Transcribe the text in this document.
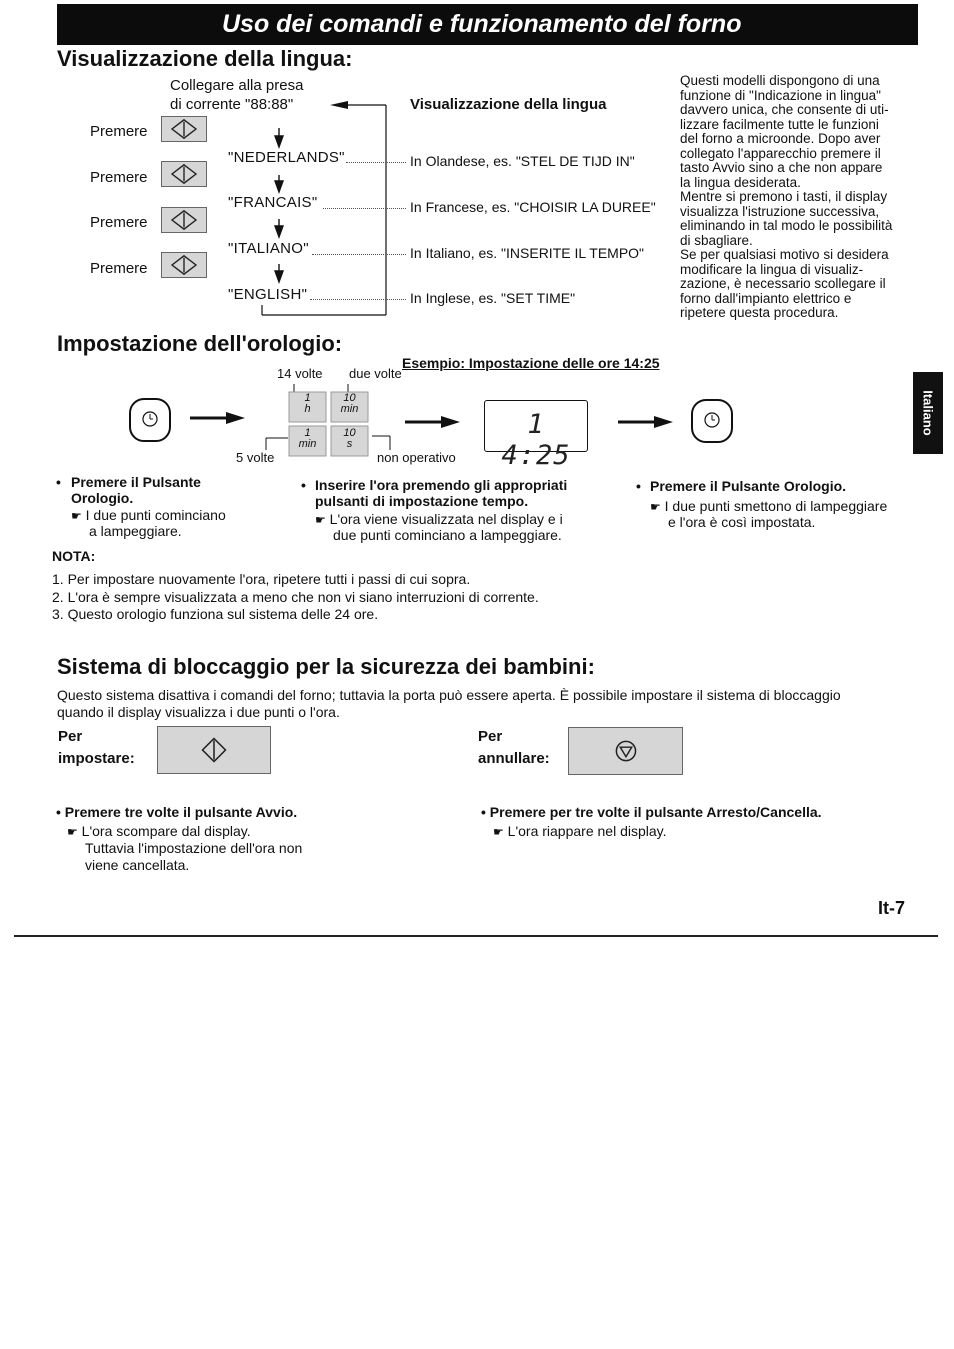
Uso dei comandi e funzionamento del forno
Italiano
Visualizzazione della lingua:
Collegare alla presa
di corrente "88:88"	Visualizzazione della lingua
Premere
Premere
Premere
Premere
"NEDERLANDS"	In Olandese, es. "STEL DE TIJD IN"
"FRANCAIS"	In Francese, es. "CHOISIR LA DUREE"
"ITALIANO"	In Italiano, es. "INSERITE IL TEMPO"
"ENGLISH"	In Inglese, es. "SET TIME"
Questi modelli dispongono di una
funzione di "Indicazione in lingua"
davvero unica, che consente di uti-
lizzare facilmente tutte le funzioni
del forno a microonde. Dopo aver
collegato l'apparecchio premere il
tasto Avvio sino a che non appare
la lingua desiderata.
Mentre si premono i tasti, il display
visualizza l'istruzione successiva,
eliminando in tal modo le possibilità
di sbagliare.
Se per qualsiasi motivo si desidera
modificare la lingua di visualiz-
zazione, è necessario scollegare il
forno dall'impianto elettrico e
ripetere questa procedura.
Impostazione dell'orologio:
Esempio: Impostazione delle ore 14:25
14 volte due volte
5 volte	non operativo
1
h
10
min
1
min
10
s
1 4:25
• Premere il Pulsante
Orologio.
☛ I due punti cominciano
a lampeggiare.
• Inserire l'ora premendo gli appropriati
pulsanti di impostazione tempo.
☛ L'ora viene visualizzata nel display e i
due punti cominciano a lampeggiare.
• Premere il Pulsante Orologio.
☛ I due punti smettono di lampeggiare
e l'ora è così impostata.
NOTA:
1. Per impostare nuovamente l'ora, ripetere tutti i passi di cui sopra.
2. L'ora è sempre visualizzata a meno che non vi siano interruzioni di corrente.
3. Questo orologio funziona sul sistema delle 24 ore.
Sistema di bloccaggio per la sicurezza dei bambini:
Questo sistema disattiva i comandi del forno; tuttavia la porta può essere aperta. È possibile impostare il sistema di bloccaggio
quando il display visualizza i due punti o l'ora.
Per
impostare:
Per
annullare:
• Premere tre volte il pulsante Avvio.
☛ L'ora scompare dal display.
Tuttavia l'impostazione dell'ora non
viene cancellata.
• Premere per tre volte il pulsante Arresto/Cancella.
☛ L'ora riappare nel display.
It-7
